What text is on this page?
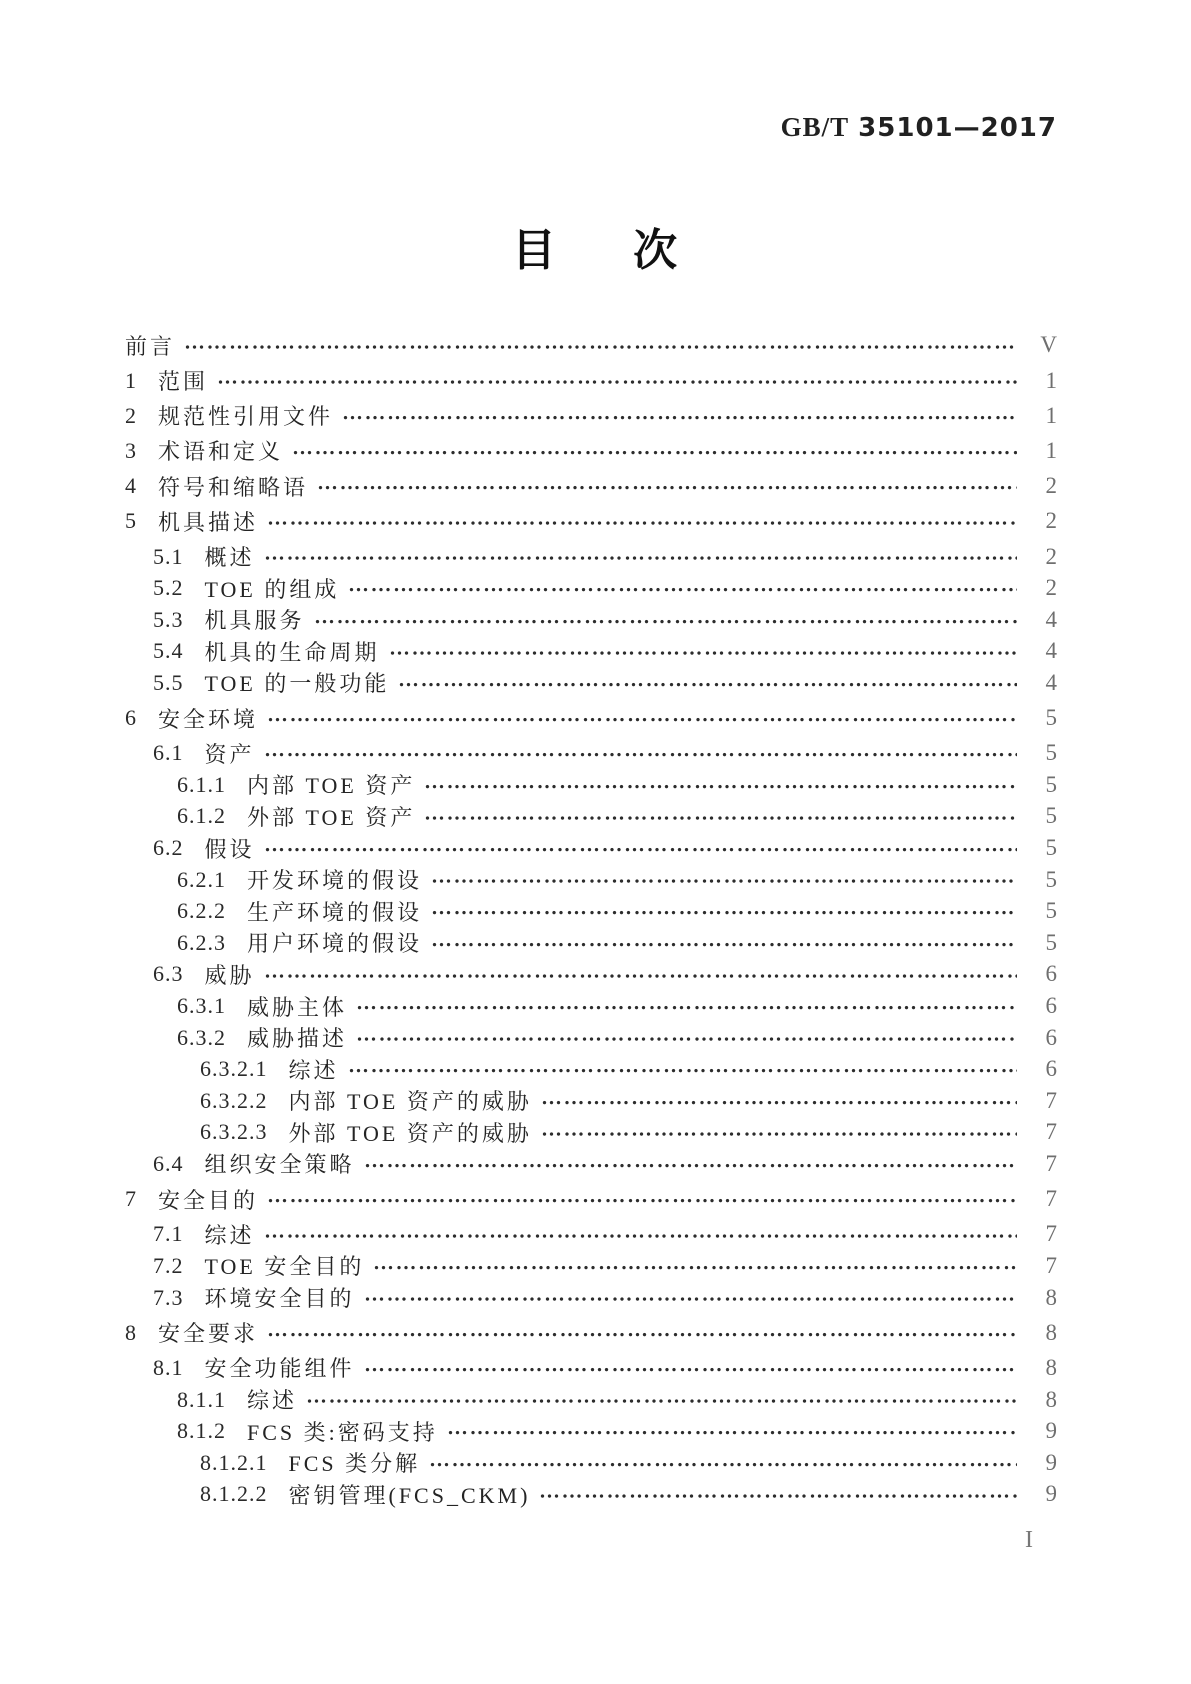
GB/T 35101—2017
目 次
前言	V
1 范围	1
2 规范性引用文件	1
3 术语和定义	1
4 符号和缩略语	2
5 机具描述	2
5.1 概述	2
5.2 TOE 的组成	2
5.3 机具服务	4
5.4 机具的生命周期	4
5.5 TOE 的一般功能	4
6 安全环境	5
6.1 资产	5
6.1.1 内部 TOE 资产	5
6.1.2 外部 TOE 资产	5
6.2 假设	5
6.2.1 开发环境的假设	5
6.2.2 生产环境的假设	5
6.2.3 用户环境的假设	5
6.3 威胁	6
6.3.1 威胁主体	6
6.3.2 威胁描述	6
6.3.2.1 综述	6
6.3.2.2 内部 TOE 资产的威胁	7
6.3.2.3 外部 TOE 资产的威胁	7
6.4 组织安全策略	7
7 安全目的	7
7.1 综述	7
7.2 TOE 安全目的	7
7.3 环境安全目的	8
8 安全要求	8
8.1 安全功能组件	8
8.1.1 综述	8
8.1.2 FCS 类:密码支持	9
8.1.2.1 FCS 类分解	9
8.1.2.2 密钥管理(FCS_CKM)	9
I
